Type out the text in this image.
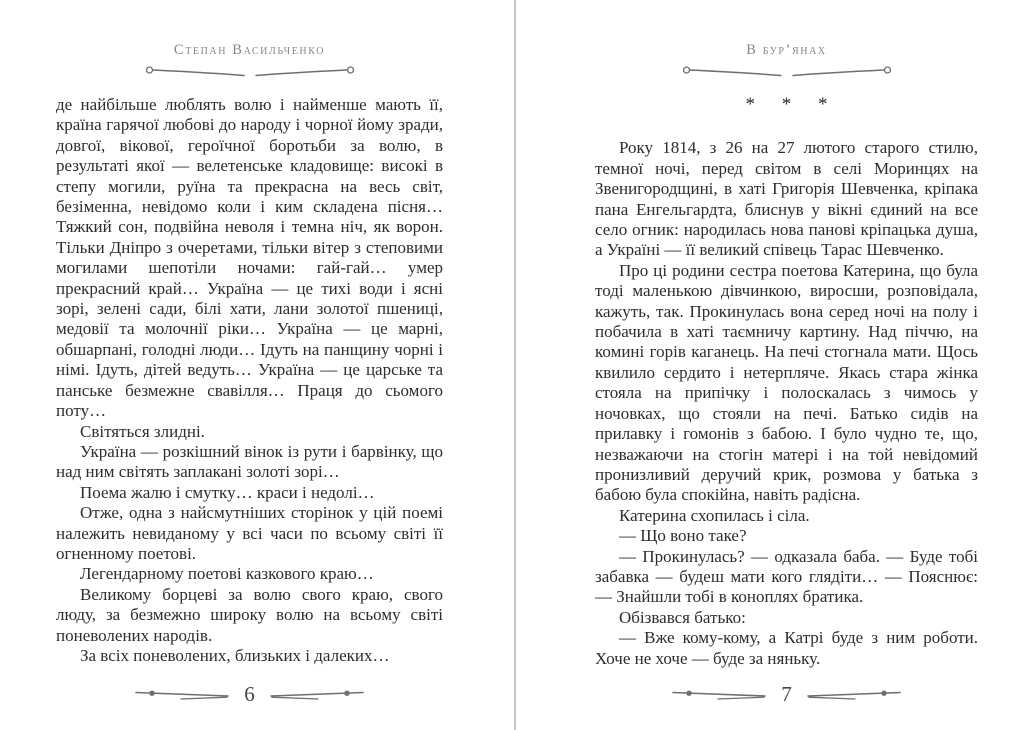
Степан Васильченко

де найбільше люблять волю і найменше мають її, країна гарячої любові до народу і чорної йому зради, довгої, вікової, героїчної боротьби за волю, в результаті якої — велетенське кладовище: високі в степу могили, руїна та прекрасна на весь світ, безіменна, невідомо коли і ким складена пісня… Тяжкий сон, подвійна неволя і темна ніч, як ворон. Тільки Дніпро з очеретами, тільки вітер з степовими могилами шепотіли ночами: гай-гай… умер прекрасний край… Україна — це тихі води і ясні зорі, зелені сади, білі хати, лани золотої пшениці, медовії та молочнії ріки… Україна — це марні, обшарпані, голодні люди… Ідуть на панщину чорні і німі. Ідуть, дітей ведуть… Україна — це царське та панське безмежне свавілля… Праця до сьомого поту…

Світяться злидні.

Україна — розкішний вінок із рути і барвінку, що над ним світять заплакані золоті зорі…

Поема жалю і смутку… краси і недолі…

Отже, одна з найсмутніших сторінок у цій поемі належить невиданому у всі часи по всьому світі її огненному поетові.

Легендарному поетові казкового краю…

Великому борцеві за волю свого краю, свого люду, за безмежно широку волю на всьому світі поневолених народів.

За всіх поневолених, близьких і далеких…

6
В бур’янах
* * *

Року 1814, з 26 на 27 лютого старого стилю, темної ночі, перед світом в селі Моринцях на Звенигородщині, в хаті Григорія Шевченка, кріпака пана Енгельгардта, блиснув у вікні єдиний на все село огник: народилась нова панові кріпацька душа, а Україні — її великий співець Тарас Шевченко.

Про ці родини сестра поетова Катерина, що була тоді маленькою дівчинкою, виросши, розповідала, кажуть, так. Прокинулась вона серед ночі на полу і побачила в хаті таємничу картину. Над піччю, на комині горів каганець. На печі стогнала мати. Щось квилило сердито і нетерпляче. Якась стара жінка стояла на припічку і полоскалась з чимось у ночовках, що стояли на печі. Батько сидів на прилавку і гомонів з бабою. І було чудно те, що, незважаючи на стогін матері і на той невідомий пронизливий деручий крик, розмова у батька з бабою була спокійна, навіть радісна.

Катерина схопилась і сіла.

— Що воно таке?

— Прокинулась? — одказала баба. — Буде тобі забавка — будеш мати кого глядіти… — Пояснює: — Знайшли тобі в коноплях братика.

Обізвався батько:

— Вже кому-кому, а Катрі буде з ним роботи. Хоче не хоче — буде за няньку.

7
